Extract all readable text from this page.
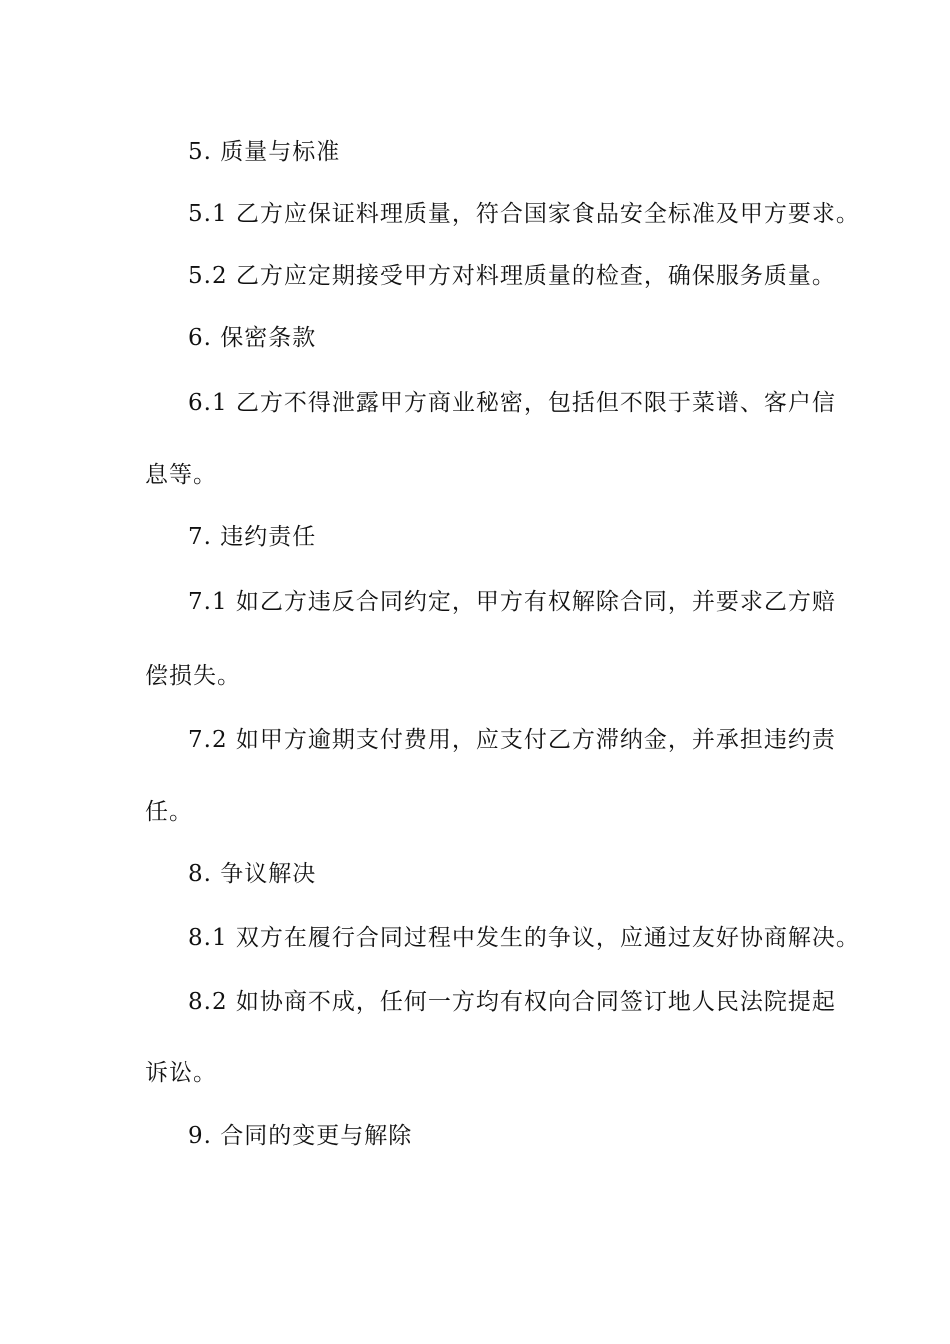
5. 质量与标准
5.1 乙方应保证料理质量，符合国家食品安全标准及甲方要求。
5.2 乙方应定期接受甲方对料理质量的检查，确保服务质量。
6. 保密条款
6.1 乙方不得泄露甲方商业秘密，包括但不限于菜谱、客户信
息等。
7. 违约责任
7.1 如乙方违反合同约定，甲方有权解除合同，并要求乙方赔
偿损失。
7.2 如甲方逾期支付费用，应支付乙方滞纳金，并承担违约责
任。
8. 争议解决
8.1 双方在履行合同过程中发生的争议，应通过友好协商解决。
8.2 如协商不成，任何一方均有权向合同签订地人民法院提起
诉讼。
9. 合同的变更与解除
